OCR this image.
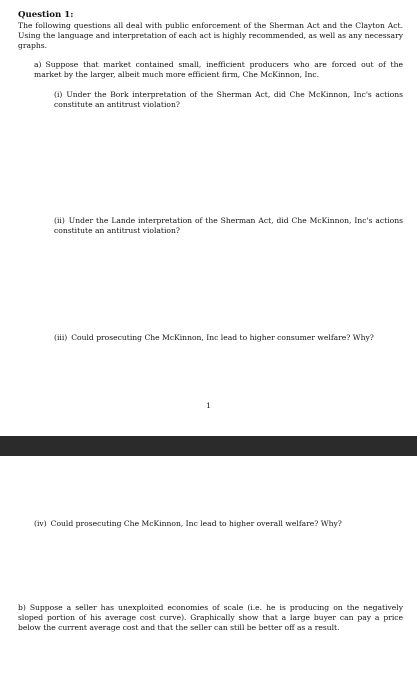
Question 1:
The following questions all deal with public enforcement of the Sherman Act and the Clayton Act. Using the language and interpretation of each act is highly recommended, as well as any necessary graphs.
a) Suppose that market contained small, inefficient producers who are forced out of the market by the larger, albeit much more efficient firm, Che McKinnon, Inc.
(i) Under the Bork interpretation of the Sherman Act, did Che McKinnon, Inc's actions constitute an antitrust violation?
(ii) Under the Lande interpretation of the Sherman Act, did Che McKinnon, Inc's actions constitute an antitrust violation?
(iii) Could prosecuting Che McKinnon, Inc lead to higher consumer welfare? Why?
1
(iv) Could prosecuting Che McKinnon, Inc lead to higher overall welfare? Why?
b) Suppose a seller has unexploited economies of scale (i.e. he is producing on the negatively sloped portion of his average cost curve). Graphically show that a large buyer can pay a price below the current average cost and that the seller can still be better off as a result.
